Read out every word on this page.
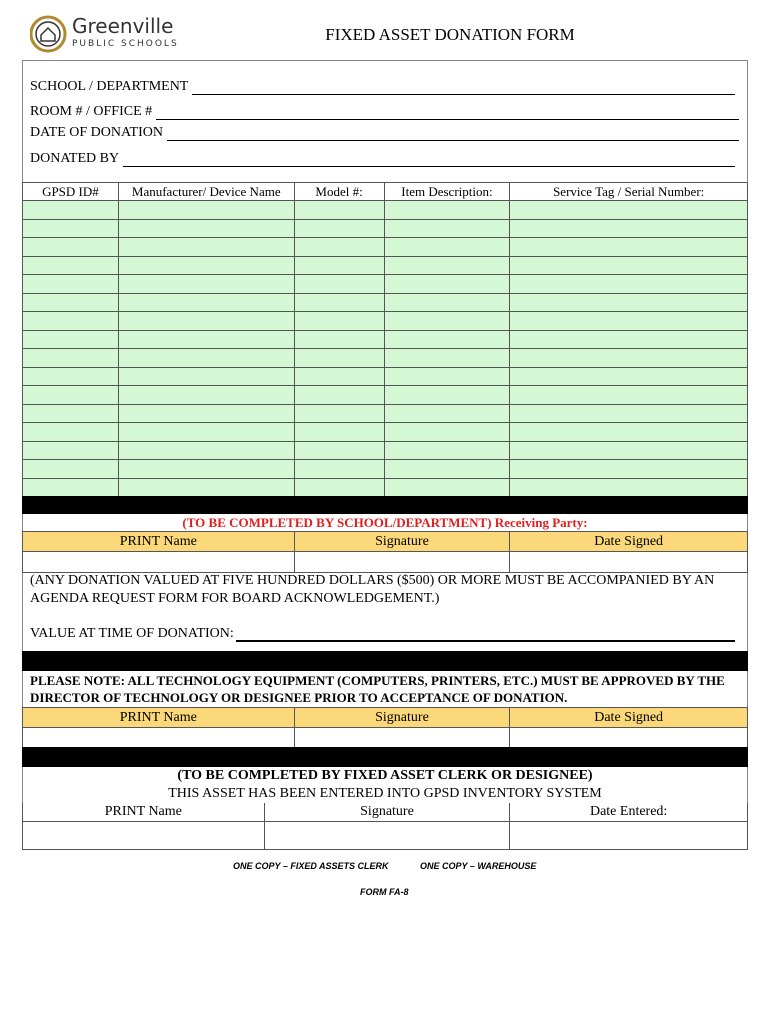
Greenville
PUBLIC SCHOOLS	FIXED ASSET DONATION FORM
SCHOOL / DEPARTMENT
ROOM # / OFFICE #
DATE OF DONATION
DONATED BY
GPSD ID#	Manufacturer/ Device Name	Model #:	Item Description:	Service Tag / Serial Number:

(TO BE COMPLETED BY SCHOOL/DEPARTMENT) Receiving Party:
PRINT Name	Signature	Date Signed

(ANY DONATION VALUED AT FIVE HUNDRED DOLLARS ($500) OR MORE MUST BE ACCOMPANIED BY AN AGENDA REQUEST FORM FOR BOARD ACKNOWLEDGEMENT.)
VALUE AT TIME OF DONATION:
PLEASE NOTE: ALL TECHNOLOGY EQUIPMENT (COMPUTERS, PRINTERS, ETC.) MUST BE APPROVED BY THE DIRECTOR OF TECHNOLOGY OR DESIGNEE PRIOR TO ACCEPTANCE OF DONATION.
PRINT Name	Signature	Date Signed

(TO BE COMPLETED BY FIXED ASSET CLERK OR DESIGNEE)
THIS ASSET HAS BEEN ENTERED INTO GPSD INVENTORY SYSTEM
PRINT Name	Signature	Date Entered:

ONE COPY – FIXED ASSETS CLERK	ONE COPY – WAREHOUSE
FORM FA-8
